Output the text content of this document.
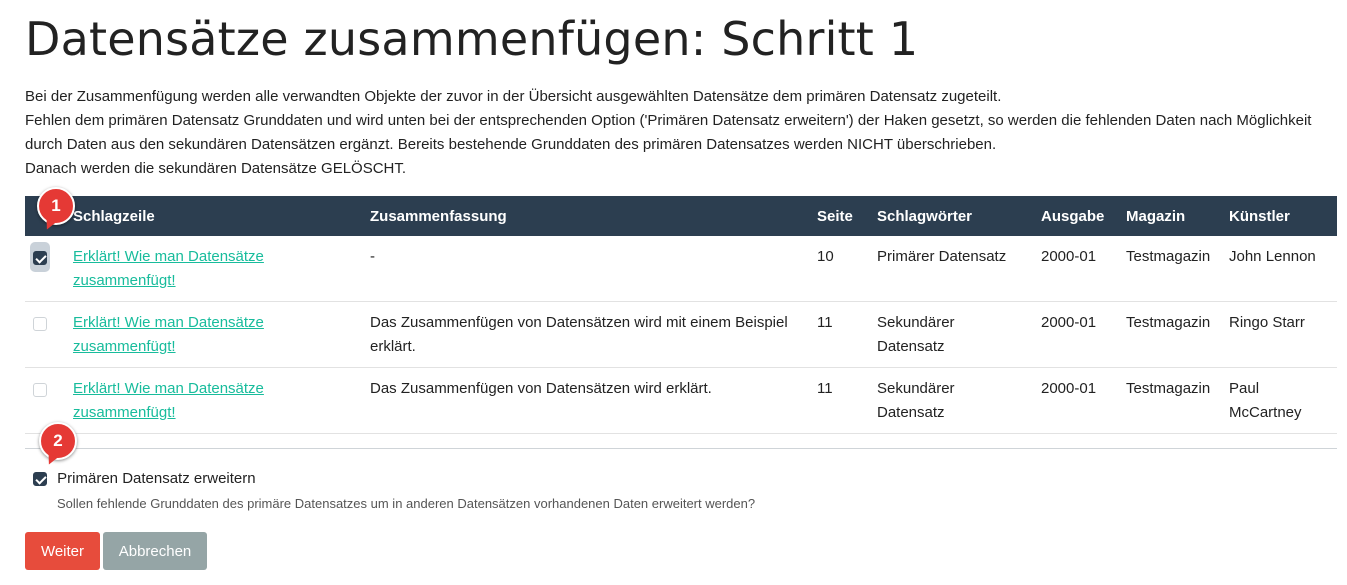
Datensätze zusammenfügen: Schritt 1

Bei der Zusammenfügung werden alle verwandten Objekte der zuvor in der Übersicht ausgewählten Datensätze dem primären Datensatz zugeteilt.

Fehlen dem primären Datensatz Grunddaten und wird unten bei der entsprechenden Option ('Primären Datensatz erweitern') der Haken gesetzt, so werden die fehlenden Daten nach Möglichkeit durch Daten aus den sekundären Datensätzen ergänzt. Bereits bestehende Grunddaten des primären Datensatzes werden NICHT überschrieben.

Danach werden die sekundären Datensätze GELÖSCHT.

	Schlagzeile	Zusammenfassung	Seite	Schlagwörter	Ausgabe	Magazin	Künstler
	Erklärt! Wie man Datensätze zusammenfügt!	-	10	Primärer Datensatz	2000-01	Testmagazin	John Lennon
	Erklärt! Wie man Datensätze zusammenfügt!	Das Zusammenfügen von Datensätzen wird mit einem Beispiel erklärt.	11	Sekundärer Datensatz	2000-01	Testmagazin	Ringo Starr
	Erklärt! Wie man Datensätze zusammenfügt!	Das Zusammenfügen von Datensätzen wird erklärt.	11	Sekundärer Datensatz	2000-01	Testmagazin	Paul McCartney
Primären Datensatz erweitern
Sollen fehlende Grunddaten des primäre Datensatzes um in anderen Datensätzen vorhandenen Daten erweitert werden?
Weiter	Abbrechen
1
2
